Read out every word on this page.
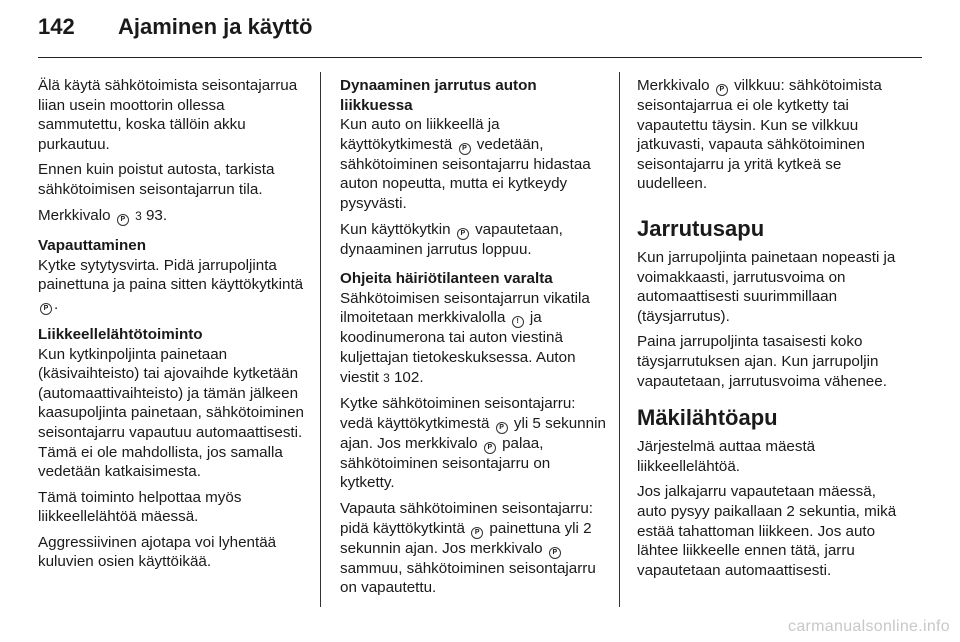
142	Ajaminen ja käyttö

Älä käytä sähkötoimista seisontajarrua liian usein moottorin ollessa sammutettu, koska tällöin akku purkautuu.

Ennen kuin poistut autosta, tarkista sähkötoimisen seisontajarrun tila.

Merkkivalo P 3 93.

Vapauttaminen

Kytke sytytysvirta. Pidä jarrupoljinta painettuna ja paina sitten käyttökytkintä P .

Liikkeellelähtötoiminto

Kun kytkinpoljinta painetaan (käsivaihteisto) tai ajovaihde kytketään (automaattivaihteisto) ja tämän jälkeen kaasupoljinta painetaan, sähkötoiminen seisontajarru vapautuu automaattisesti. Tämä ei ole mahdollista, jos samalla vedetään katkaisimesta.

Tämä toiminto helpottaa myös liikkeellelähtöä mäessä.

Aggressiivinen ajotapa voi lyhentää kuluvien osien käyttöikää.

Dynaaminen jarrutus auton liikkuessa

Kun auto on liikkeellä ja käyttökytkimestä P vedetään, sähkötoiminen seisontajarru hidastaa auton nopeutta, mutta ei kytkeydy pysyvästi.

Kun käyttökytkin P vapautetaan, dynaaminen jarrutus loppuu.

Ohjeita häiriötilanteen varalta

Sähkötoimisen seisontajarrun vikatila ilmoitetaan merkkivalolla ! ja koodinumerona tai auton viestinä kuljettajan tietokeskuksessa. Auton viestit 3 102.

Kytke sähkötoiminen seisontajarru: vedä käyttökytkimestä P yli 5 sekunnin ajan. Jos merkkivalo P palaa, sähkötoiminen seisontajarru on kytketty.

Vapauta sähkötoiminen seisontajarru: pidä käyttökytkintä P painettuna yli 2 sekunnin ajan. Jos merkkivalo P sammuu, sähkötoiminen seisontajarru on vapautettu.

Merkkivalo P vilkkuu: sähkötoimista seisontajarrua ei ole kytketty tai vapautettu täysin. Kun se vilkkuu jatkuvasti, vapauta sähkötoiminen seisontajarru ja yritä kytkeä se uudelleen.

Jarrutusapu

Kun jarrupoljinta painetaan nopeasti ja voimakkaasti, jarrutusvoima on automaattisesti suurimmillaan (täysjarrutus).

Paina jarrupoljinta tasaisesti koko täysjarrutuksen ajan. Kun jarrupoljin vapautetaan, jarrutusvoima vähenee.

Mäkilähtöapu

Järjestelmä auttaa mäestä liikkeellelähtöä.

Jos jalkajarru vapautetaan mäessä, auto pysyy paikallaan 2 sekuntia, mikä estää tahattoman liikkeen. Jos auto lähtee liikkeelle ennen tätä, jarru vapautetaan automaattisesti.

carmanualsonline.info
